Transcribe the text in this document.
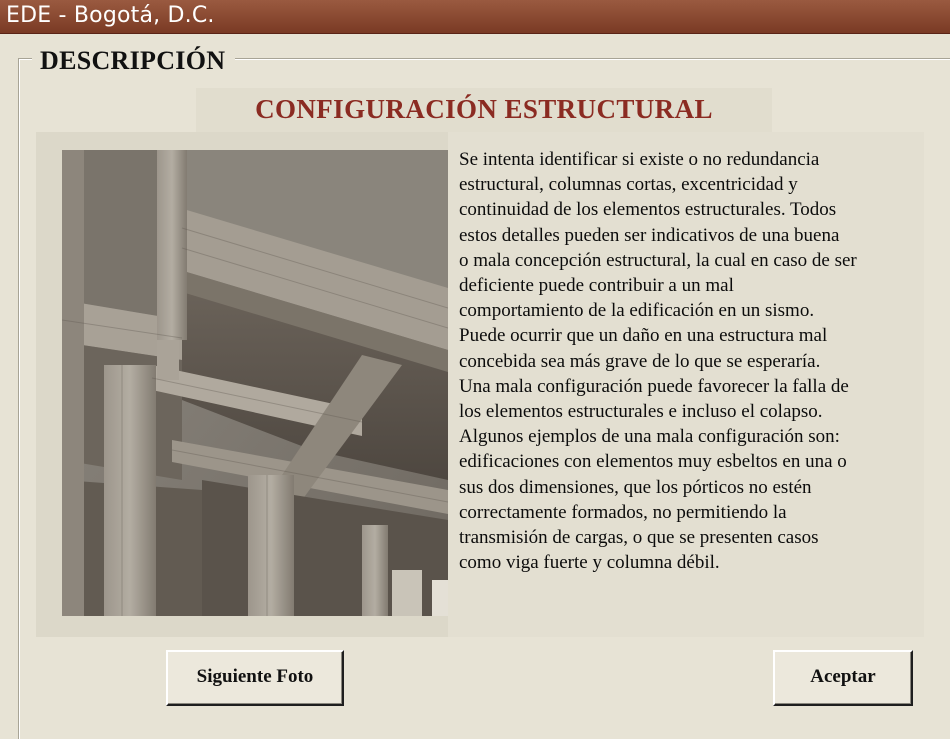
EDE - Bogotá, D.C.
DESCRIPCIÓN
CONFIGURACIÓN ESTRUCTURAL

Se intenta identificar si existe o no redundancia

estructural, columnas cortas, excentricidad y

continuidad de los elementos estructurales. Todos

estos detalles pueden ser indicativos de una buena

o mala concepción estructural, la cual en caso de ser

deficiente puede contribuir a un mal

comportamiento de la edificación en un sismo.

Puede ocurrir que un daño en una estructura mal

concebida sea más grave de lo que se esperaría.

Una mala configuración puede favorecer la falla de

los elementos estructurales e incluso el colapso.

Algunos ejemplos de una mala configuración son:

edificaciones con elementos muy esbeltos en una o

sus dos dimensiones, que los pórticos no estén

correctamente formados, no permitiendo la

transmisión de cargas, o que se presenten casos

como viga fuerte y columna débil.

Siguiente Foto	Aceptar
